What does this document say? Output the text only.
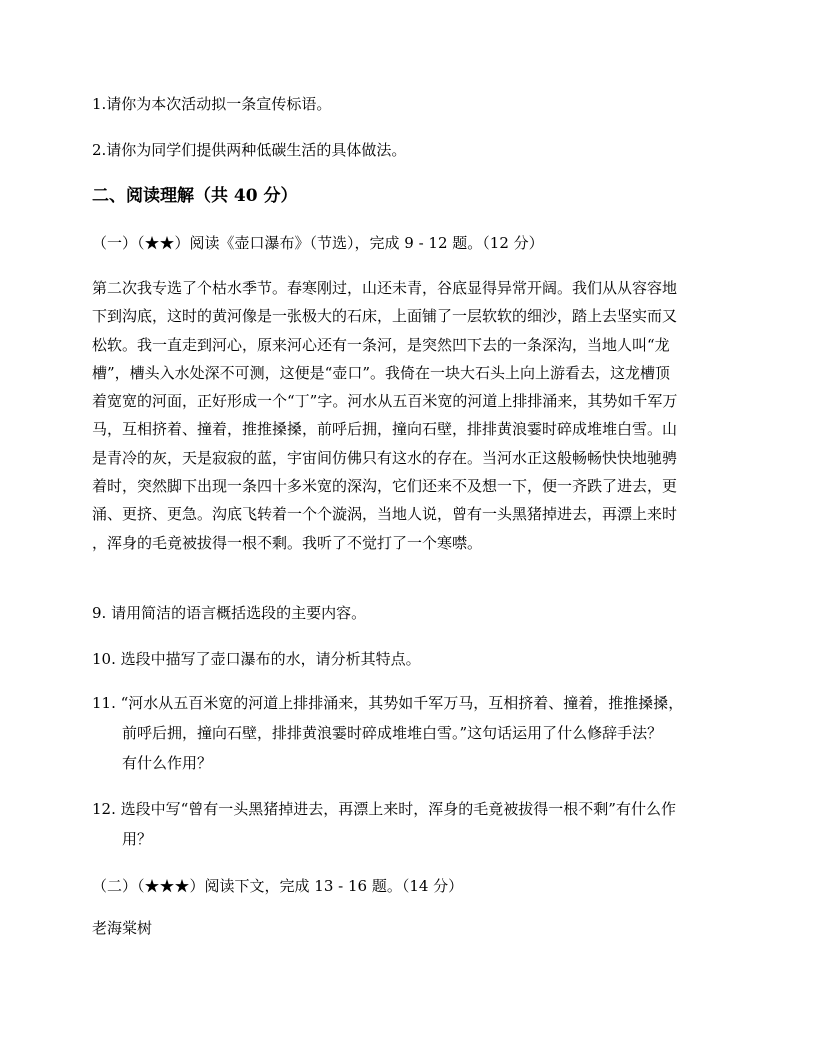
1.请你为本次活动拟一条宣传标语。
2.请你为同学们提供两种低碳生活的具体做法。
二、阅读理解（共 40 分）
（一）（★★）阅读《壶口瀑布》（节选），完成 9 - 12 题。（12 分）
第二次我专选了个枯水季节。春寒刚过，山还未青，谷底显得异常开阔。我们从从容容地
下到沟底，这时的黄河像是一张极大的石床，上面铺了一层软软的细沙，踏上去坚实而又
松软。我一直走到河心，原来河心还有一条河，是突然凹下去的一条深沟，当地人叫“龙
槽”，槽头入水处深不可测，这便是“壶口”。我倚在一块大石头上向上游看去，这龙槽顶
着宽宽的河面，正好形成一个“丁”字。河水从五百米宽的河道上排排涌来，其势如千军万
马，互相挤着、撞着，推推搡搡，前呼后拥，撞向石壁，排排黄浪霎时碎成堆堆白雪。山
是青冷的灰，天是寂寂的蓝，宇宙间仿佛只有这水的存在。当河水正这般畅畅快快地驰骋
着时，突然脚下出现一条四十多米宽的深沟，它们还来不及想一下，便一齐跌了进去，更
涌、更挤、更急。沟底飞转着一个个漩涡，当地人说，曾有一头黑猪掉进去，再漂上来时
，浑身的毛竟被拔得一根不剩。我听了不觉打了一个寒噤。
9. 请用简洁的语言概括选段的主要内容。
10. 选段中描写了壶口瀑布的水，请分析其特点。
11. “河水从五百米宽的河道上排排涌来，其势如千军万马，互相挤着、撞着，推推搡搡，
前呼后拥，撞向石壁，排排黄浪霎时碎成堆堆白雪。”这句话运用了什么修辞手法？
有什么作用？
12. 选段中写“曾有一头黑猪掉进去，再漂上来时，浑身的毛竟被拔得一根不剩”有什么作
用？
（二）（★★★）阅读下文，完成 13 - 16 题。（14 分）
老海棠树
